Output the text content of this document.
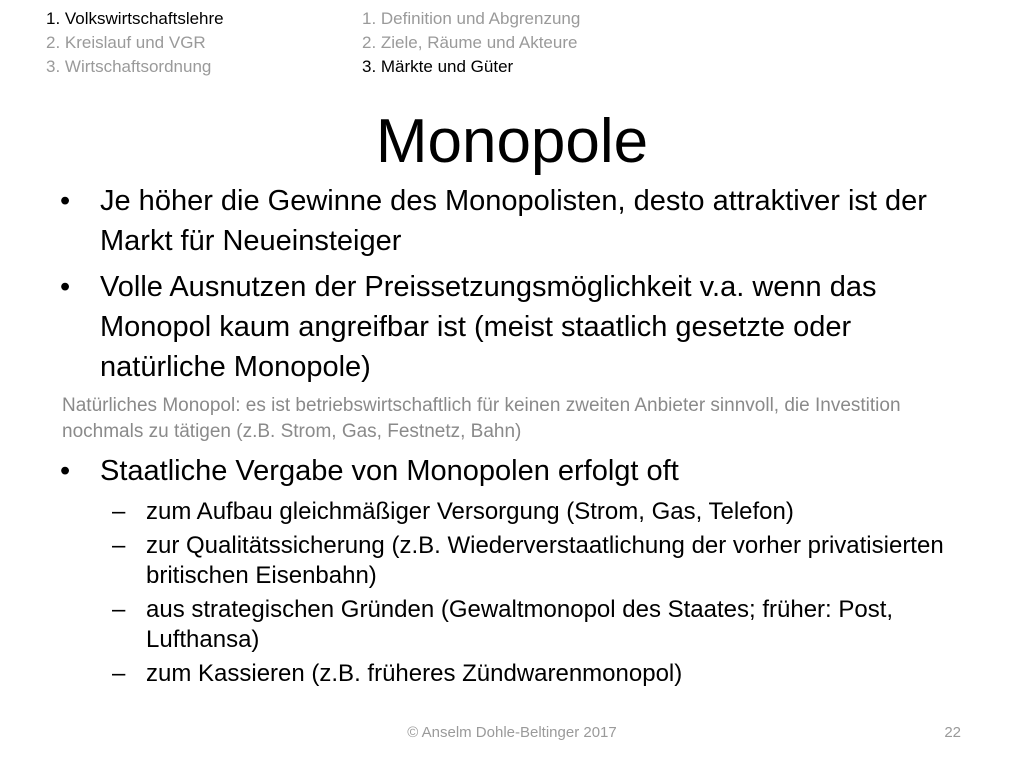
1. Volkswirtschaftslehre
2. Kreislauf und VGR
3. Wirtschaftsordnung
1. Definition und Abgrenzung
2. Ziele, Räume und Akteure
3. Märkte und Güter
Monopole
• Je höher die Gewinne des Monopolisten, desto attraktiver ist der Markt für Neueinsteiger
• Volle Ausnutzen der Preissetzungsmöglichkeit v.a. wenn das Monopol kaum angreifbar ist (meist staatlich gesetzte oder natürliche Monopole)
Natürliches Monopol: es ist betriebswirtschaftlich für keinen zweiten Anbieter sinnvoll, die Investition nochmals zu tätigen (z.B. Strom, Gas, Festnetz, Bahn)
• Staatliche Vergabe von Monopolen erfolgt oft
– zum Aufbau gleichmäßiger Versorgung (Strom, Gas, Telefon)
– zur Qualitätssicherung (z.B. Wiederverstaatlichung der vorher privatisierten britischen Eisenbahn)
– aus strategischen Gründen (Gewaltmonopol des Staates; früher: Post, Lufthansa)
– zum Kassieren (z.B. früheres Zündwarenmonopol)
© Anselm Dohle-Beltinger 2017	22
